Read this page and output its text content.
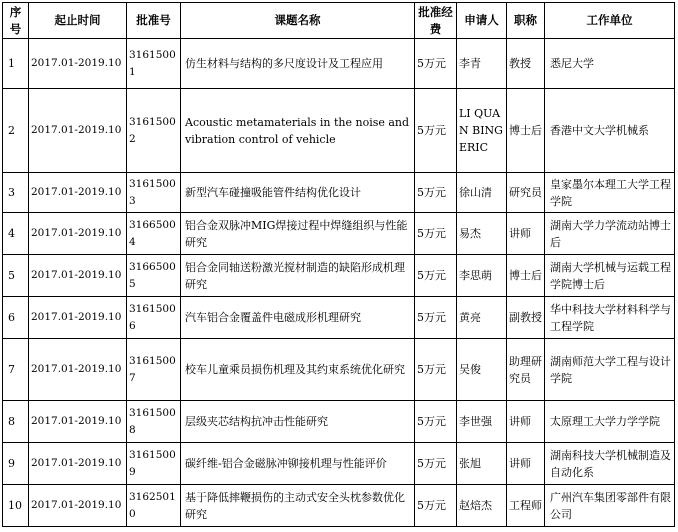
序号	起止时间	批准号	课题名称	批准经费	申请人	职称	工作单位
1	2017.01-2019.10	31615001	仿生材料与结构的多尺度设计及工程应用	5万元	李青	教授	悉尼大学
2	2017.01-2019.10	31615002	Acoustic metamaterials in the noise and vibration control of vehicle	5万元	LI QUAN BING ERIC	博士后	香港中文大学机械系
3	2017.01-2019.10	31615003	新型汽车碰撞吸能管件结构优化设计	5万元	徐山清	研究员	皇家墨尔本理工大学工程学院
4	2017.01-2019.10	31665004	铝合金双脉冲MIG焊接过程中焊缝组织与性能研究	5万元	易杰	讲师	湖南大学力学流动站博士后
5	2017.01-2019.10	31665005	铝合金同轴送粉激光搅材制造的缺陷形成机理研究	5万元	李思萌	博士后	湖南大学机械与运载工程学院博士后
6	2017.01-2019.10	31615006	汽车铝合金覆盖件电磁成形机理研究	5万元	黄亮	副教授	华中科技大学材料科学与工程学院
7	2017.01-2019.10	31615007	校车儿童乘员损伤机理及其约束系统优化研究	5万元	吴俊	助理研究员	湖南师范大学工程与设计学院
8	2017.01-2019.10	31615008	层级夹芯结构抗冲击性能研究	5万元	李世强	讲师	太原理工大学力学学院
9	2017.01-2019.10	31615009	碳纤维-铝合金磁脉冲铆接机理与性能评价	5万元	张旭	讲师	湖南科技大学机械制造及自动化系
10	2017.01-2019.10	31625010	基于降低摔鞭损伤的主动式安全头枕参数优化研究	5万元	赵焙杰	工程师	广州汽车集团零部件有限公司
